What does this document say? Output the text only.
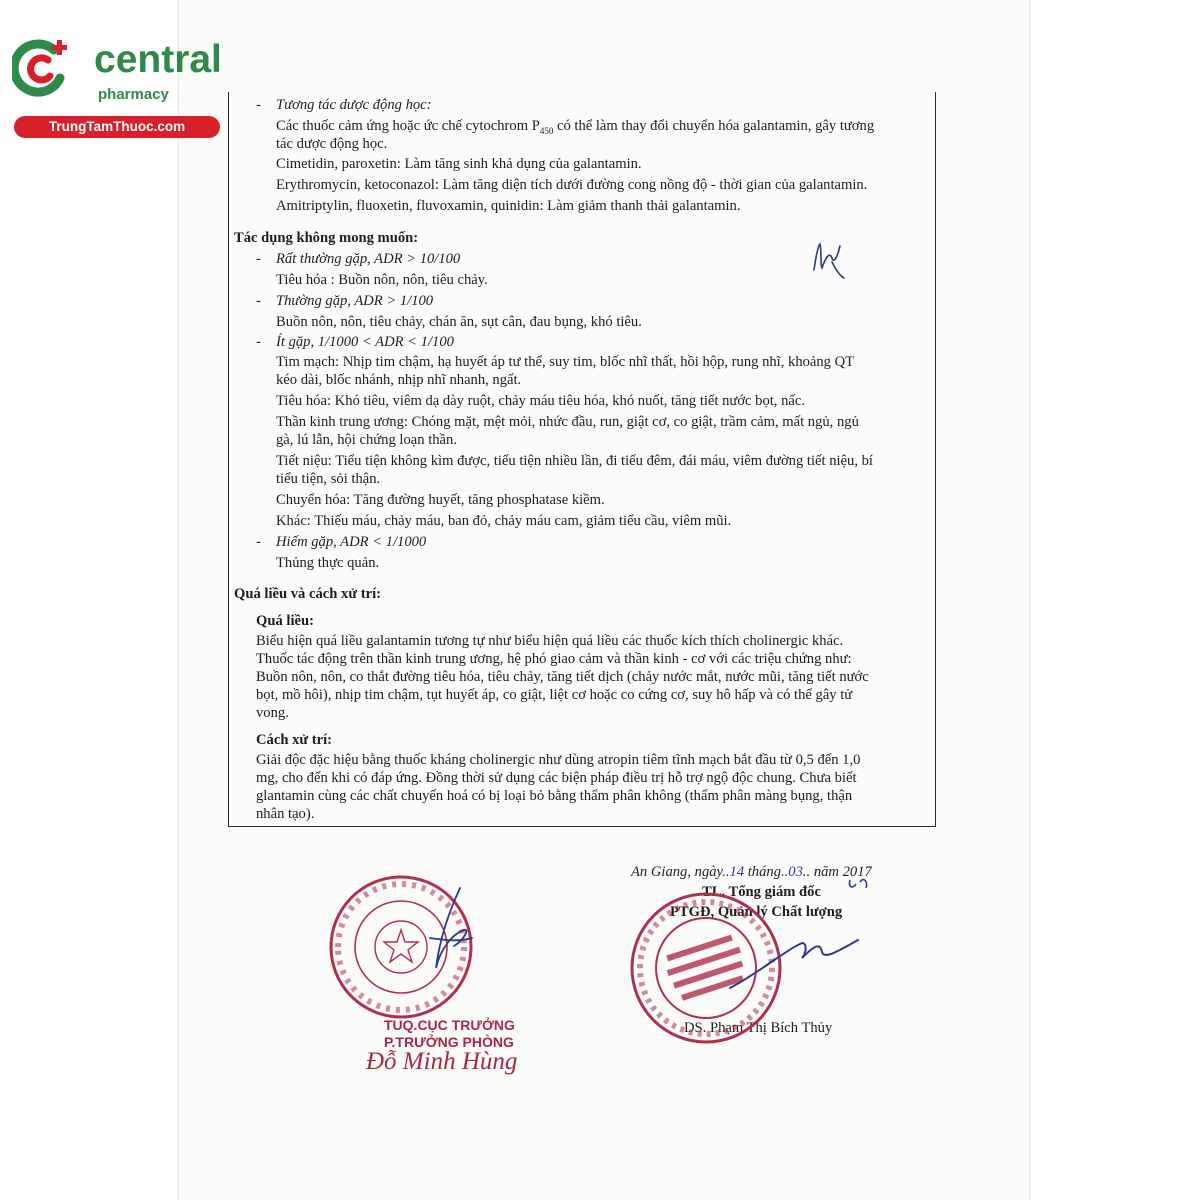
central
pharmacy
TrungTamThuoc.com
- Tương tác dược động học:
Các thuốc cảm ứng hoặc ức chế cytochrom $P_{450}$ có thể làm thay đổi chuyển hóa galantamin, gây tương
tác dược động học.
Cimetidin, paroxetin: Làm tăng sinh khả dụng của galantamin.
Erythromycin, ketoconazol: Làm tăng diện tích dưới đường cong nồng độ - thời gian của galantamin.
Amitriptylin, fluoxetin, fluvoxamin, quinidin: Làm giảm thanh thải galantamin.
Tác dụng không mong muốn:
- Rất thường gặp, ADR > 10/100
Tiêu hóa : Buồn nôn, nôn, tiêu chảy.
- Thường gặp, ADR > 1/100
Buồn nôn, nôn, tiêu chảy, chán ăn, sụt cân, đau bụng, khó tiêu.
- Ít gặp, 1/1000 < ADR < 1/100
Tim mạch: Nhịp tim chậm, hạ huyết áp tư thế, suy tim, blốc nhĩ thất, hồi hộp, rung nhĩ, khoảng QT
kéo dài, blốc nhánh, nhịp nhĩ nhanh, ngất.
Tiêu hóa: Khó tiêu, viêm dạ dày ruột, chảy máu tiêu hóa, khó nuốt, tăng tiết nước bọt, nấc.
Thần kinh trung ương: Chóng mặt, mệt mỏi, nhức đầu, run, giật cơ, co giật, trầm cảm, mất ngủ, ngủ
gà, lú lẫn, hội chứng loạn thần.
Tiết niệu: Tiểu tiện không kìm được, tiểu tiện nhiều lần, đi tiểu đêm, đái máu, viêm đường tiết niệu, bí
tiểu tiện, sỏi thận.
Chuyển hóa: Tăng đường huyết, tăng phosphatase kiềm.
Khác: Thiếu máu, chảy máu, ban đỏ, chảy máu cam, giảm tiểu cầu, viêm mũi.
- Hiếm gặp, ADR < 1/1000
Thủng thực quản.
Quá liều và cách xử trí:
Quá liều:
Biểu hiện quá liều galantamin tương tự như biểu hiện quá liều các thuốc kích thích cholinergic khác.
Thuốc tác động trên thần kinh trung ương, hệ phó giao cảm và thần kinh - cơ với các triệu chứng như:
Buồn nôn, nôn, co thắt đường tiêu hóa, tiêu chảy, tăng tiết dịch (chảy nước mắt, nước mũi, tăng tiết nước
bọt, mồ hôi), nhịp tim chậm, tụt huyết áp, co giật, liệt cơ hoặc co cứng cơ, suy hô hấp và có thể gây tử
vong.
Cách xử trí:
Giải độc đặc hiệu bằng thuốc kháng cholinergic như dùng atropin tiêm tĩnh mạch bắt đầu từ 0,5 đến 1,0
mg, cho đến khi có đáp ứng. Đồng thời sử dụng các biện pháp điều trị hỗ trợ ngộ độc chung. Chưa biết
glantamin cùng các chất chuyển hoá có bị loại bỏ bằng thẩm phân không (thẩm phân màng bụng, thận
nhân tạo).
An Giang, ngày..14 tháng..03.. năm 2017
TL. Tổng giám đốc
PTGĐ, Quản lý Chất lượng
DS. Phạm Thị Bích Thủy
TUQ.CỤC TRƯỞNG
P.TRƯỞNG PHÒNG
Đỗ Minh Hùng
